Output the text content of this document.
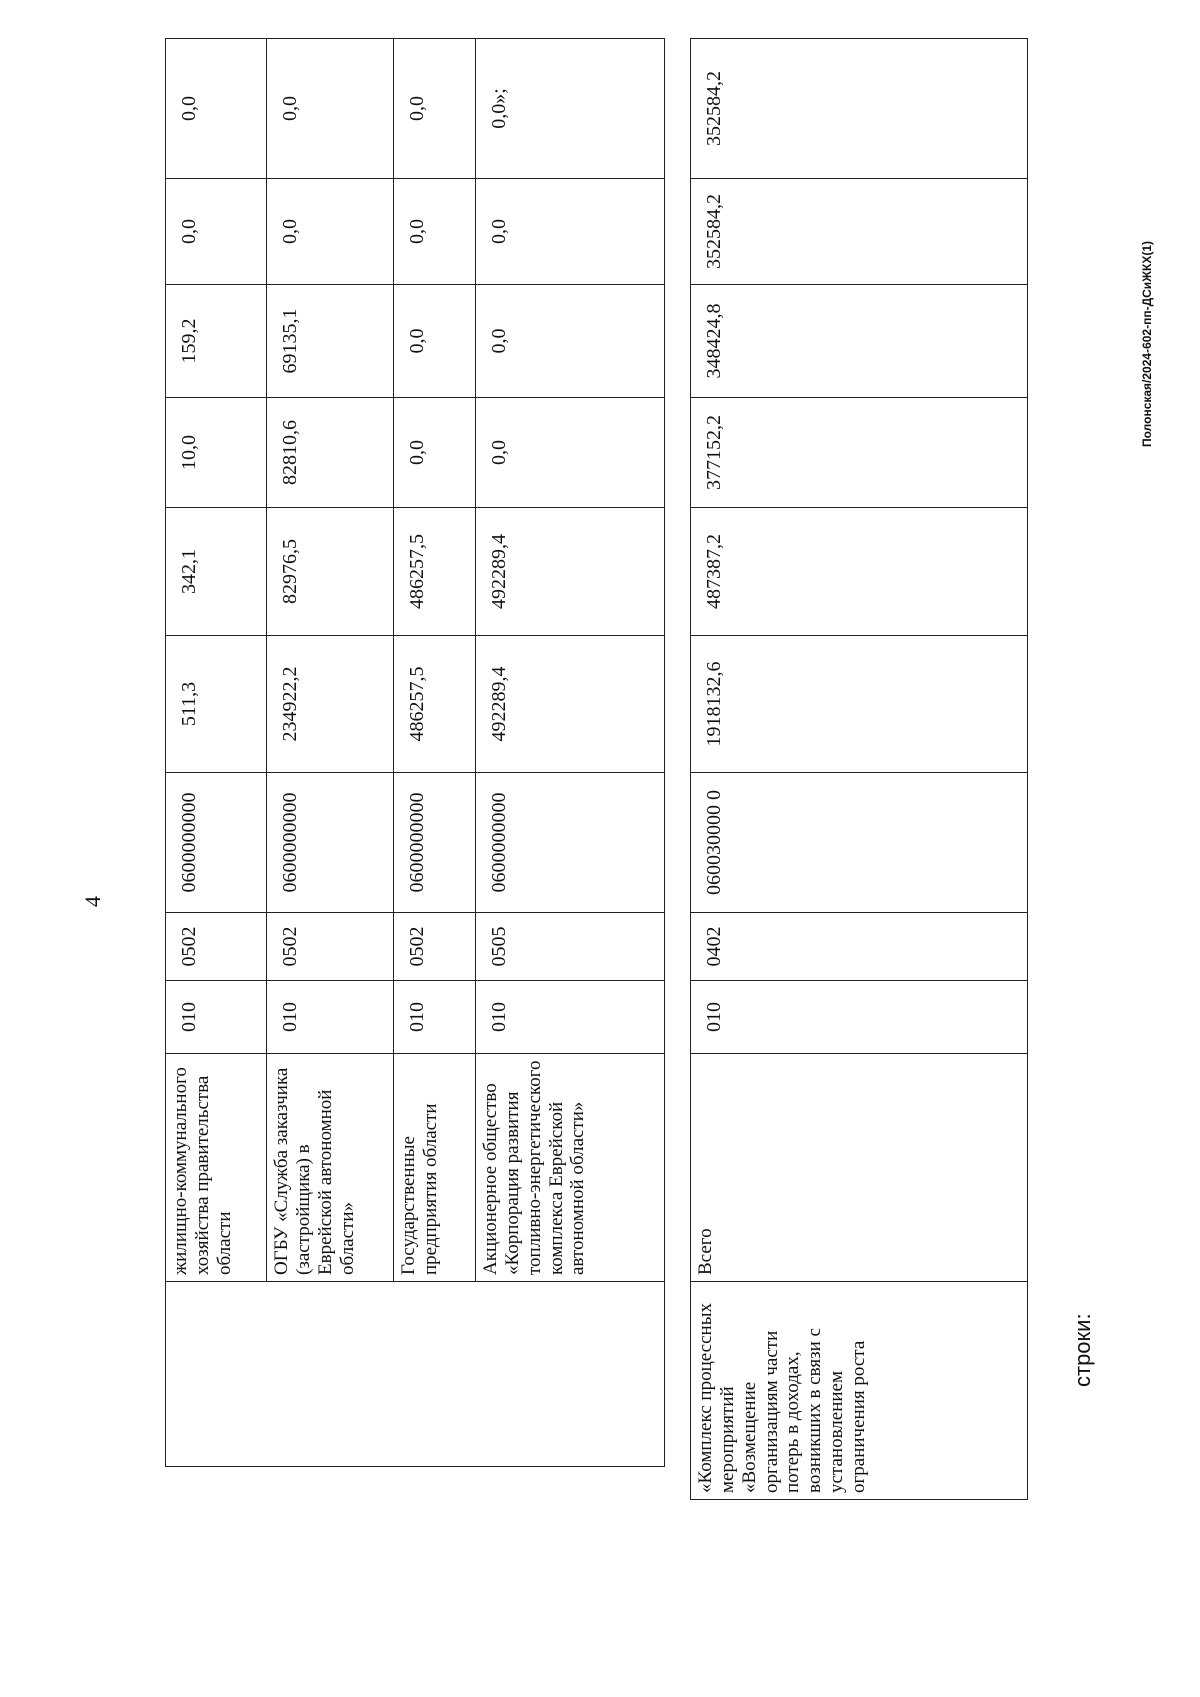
4
	жилищно-коммунального хозяйства правительства области	010	0502	0600000000	511,3	342,1	10,0	159,2	0,0	0,0
	ОГБУ «Служба заказчика (застройщика) в Еврейской автономной области»	010	0502	0600000000	234922,2	82976,5	82810,6	69135,1	0,0	0,0
	Государственные предприятия области	010	0502	0600000000	486257,5	486257,5	0,0	0,0	0,0	0,0
	Акционерное общество «Корпорация развития топливно-энергетического комплекса Еврейской автономной области»	010	0505	0600000000	492289,4	492289,4	0,0	0,0	0,0	0,0»;
строки:
«Комплекс процессных мероприятий «Возмещение организациям части потерь в доходах, возникших в связи с установлением ограничения роста	Всего	010	0402	060030000 0	1918132,6	487387,2	377152,2	348424,8	352584,2	352584,2
Полонская/2024-602-пп-ДСиЖКХ(1)
